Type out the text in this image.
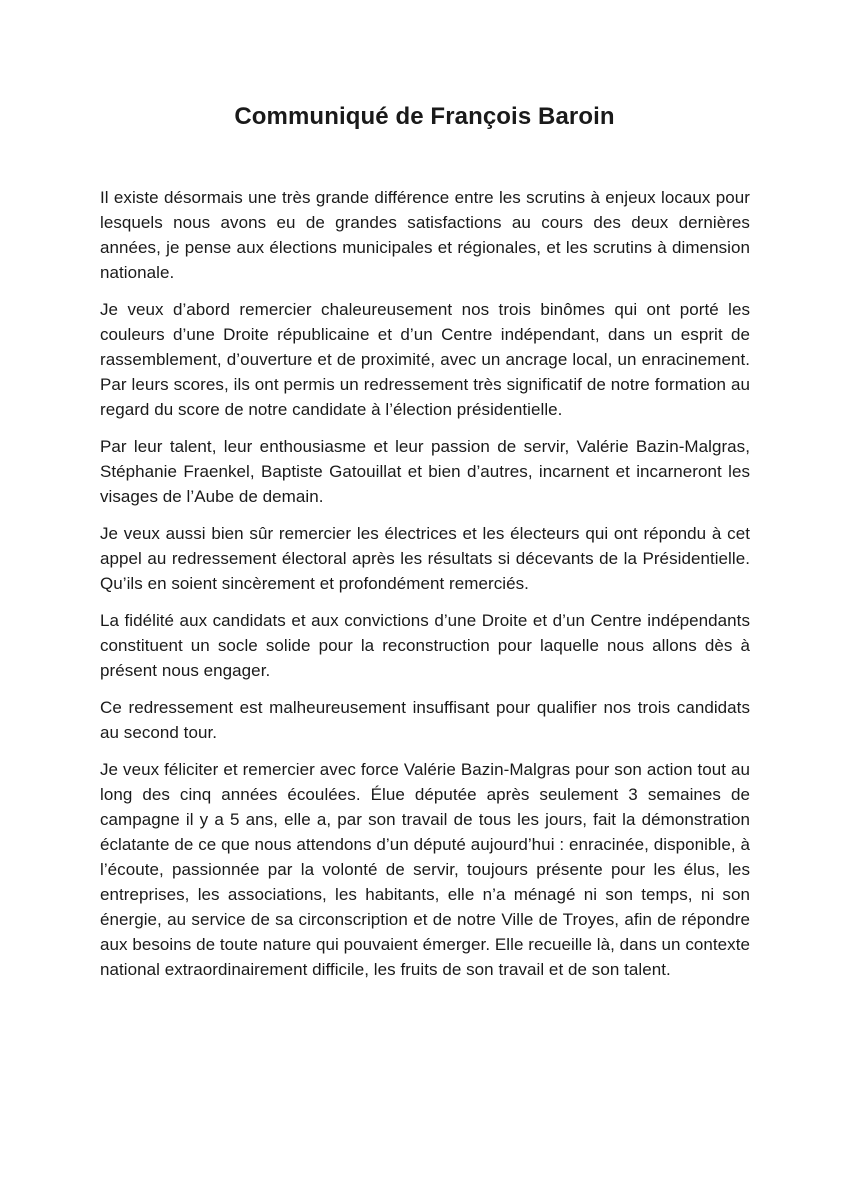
Communiqué de François Baroin

Il existe désormais une très grande différence entre les scrutins à enjeux locaux pour lesquels nous avons eu de grandes satisfactions au cours des deux dernières années, je pense aux élections municipales et régionales, et les scrutins à dimension nationale.

Je veux d’abord remercier chaleureusement nos trois binômes qui ont porté les couleurs d’une Droite républicaine et d’un Centre indépendant, dans un esprit de rassemblement, d’ouverture et de proximité, avec un ancrage local, un enracinement. Par leurs scores, ils ont permis un redressement très significatif de notre formation au regard du score de notre candidate à l’élection présidentielle.

Par leur talent, leur enthousiasme et leur passion de servir, Valérie Bazin-Malgras, Stéphanie Fraenkel, Baptiste Gatouillat et bien d’autres, incarnent et incarneront les visages de l’Aube de demain.

Je veux aussi bien sûr remercier les électrices et les électeurs qui ont répondu à cet appel au redressement électoral après les résultats si décevants de la Présidentielle. Qu’ils en soient sincèrement et profondément remerciés.

La fidélité aux candidats et aux convictions d’une Droite et d’un Centre indépendants constituent un socle solide pour la reconstruction pour laquelle nous allons dès à présent nous engager.

Ce redressement est malheureusement insuffisant pour qualifier nos trois candidats au second tour.

Je veux féliciter et remercier avec force Valérie Bazin-Malgras pour son action tout au long des cinq années écoulées. Élue députée après seulement 3 semaines de campagne il y a 5 ans, elle a, par son travail de tous les jours, fait la démonstration éclatante de ce que nous attendons d’un député aujourd’hui : enracinée, disponible, à l’écoute, passionnée par la volonté de servir, toujours présente pour les élus, les entreprises, les associations, les habitants, elle n’a ménagé ni son temps, ni son énergie, au service de sa circonscription et de notre Ville de Troyes, afin de répondre aux besoins de toute nature qui pouvaient émerger. Elle recueille là, dans un contexte national extraordinairement difficile, les fruits de son travail et de son talent.
